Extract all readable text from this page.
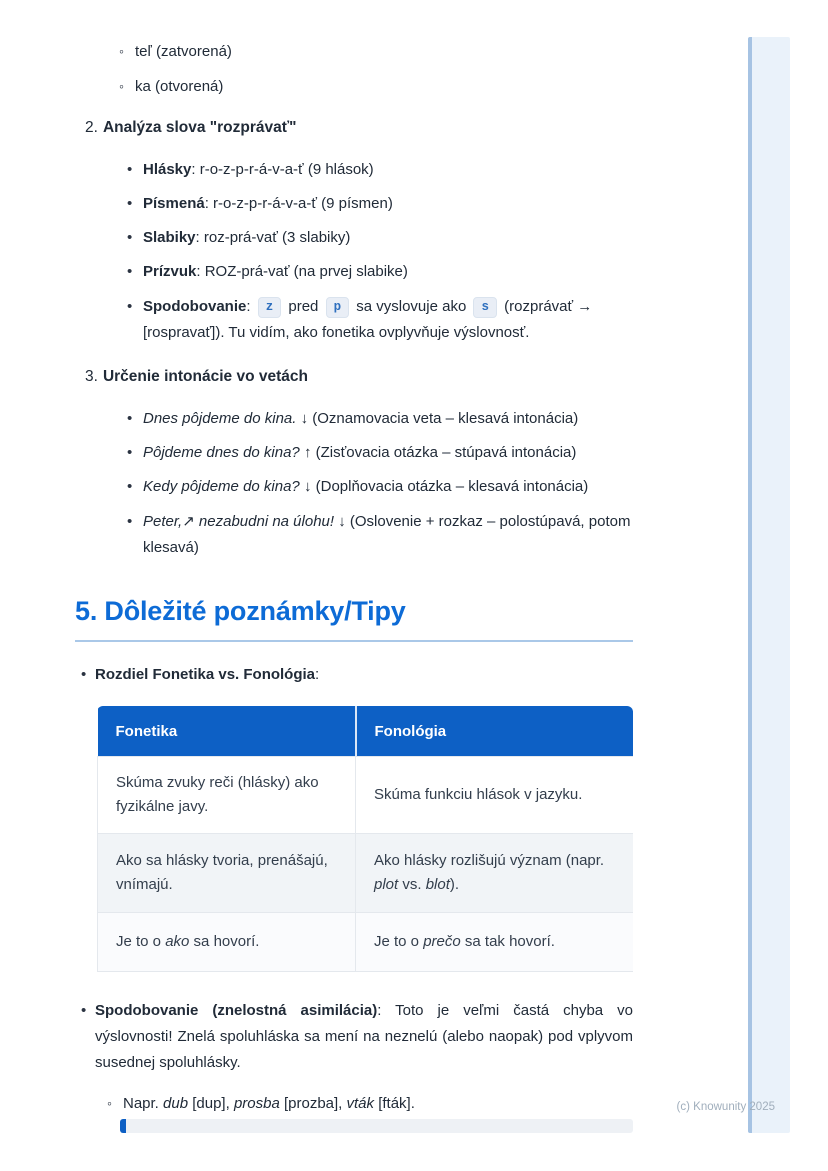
◦ teľ (zatvorená)
◦ ka (otvorená)

2. Analýza slova "rozprávať"

• Hlásky: r-o-z-p-r-á-v-a-ť (9 hlások)
• Písmená: r-o-z-p-r-á-v-a-ť (9 písmen)
• Slabiky: roz-prá-vať (3 slabiky)
• Prízvuk: ROZ-prá-vať (na prvej slabike)
• Spodobovanie: z pred p sa vyslovuje ako s (rozprávať → [rospravať]). Tu vidím, ako fonetika ovplyvňuje výslovnosť.

3. Určenie intonácie vo vetách

• Dnes pôjdeme do kina. ↓ (Oznamovacia veta – klesavá intonácia)
• Pôjdeme dnes do kina? ↑ (Zisťovacia otázka – stúpavá intonácia)
• Kedy pôjdeme do kina? ↓ (Doplňovacia otázka – klesavá intonácia)
• Peter,↗ nezabudni na úlohu! ↓ (Oslovenie + rozkaz – polostúpavá, potom klesavá)
5. Dôležité poznámky/Tipy
• Rozdiel Fonetika vs. Fonológia:
Fonetika	Fonológia
Skúma zvuky reči (hlásky) ako fyzikálne javy.	Skúma funkciu hlások v jazyku.
Ako sa hlásky tvoria, prenášajú, vnímajú.	Ako hlásky rozlišujú význam (napr. plot vs. blot).
Je to o ako sa hovorí.	Je to o prečo sa tak hovorí.
• Spodobovanie (znelostná asimilácia): Toto je veľmi častá chyba vo výslovnosti! Znelá spoluhláska sa mení na neznelú (alebo naopak) pod vplyvom susednej spoluhlásky.
◦ Napr. dub [dup], prosba [prozba], vták [fták].	(c) Knowunity 2025
